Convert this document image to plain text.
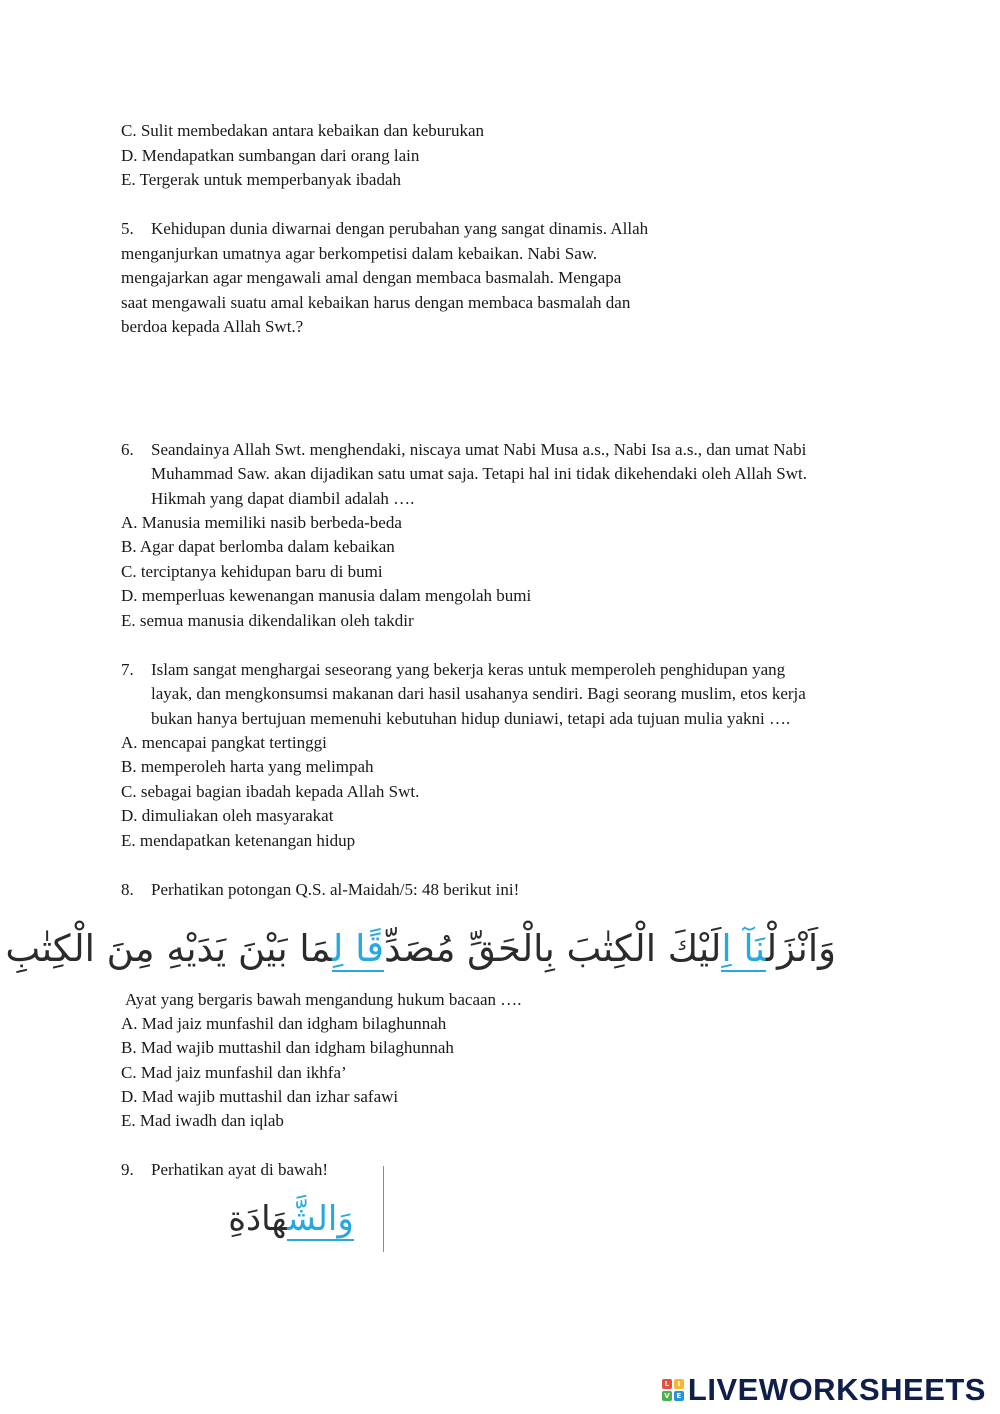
C. Sulit membedakan antara kebaikan dan keburukan
D. Mendapatkan sumbangan dari orang lain
E. Tergerak untuk memperbanyak ibadah
5. Kehidupan dunia diwarnai dengan perubahan yang sangat dinamis. Allah
menganjurkan umatnya agar berkompetisi dalam kebaikan. Nabi Saw.
mengajarkan agar mengawali amal dengan membaca basmalah. Mengapa
saat mengawali suatu amal kebaikan harus dengan membaca basmalah dan
berdoa kepada Allah Swt.?
6. Seandainya Allah Swt. menghendaki, niscaya umat Nabi Musa a.s., Nabi Isa a.s., dan umat Nabi
Muhammad Saw. akan dijadikan satu umat saja. Tetapi hal ini tidak dikehendaki oleh Allah Swt.
Hikmah yang dapat diambil adalah ….
A. Manusia memiliki nasib berbeda-beda
B. Agar dapat berlomba dalam kebaikan
C. terciptanya kehidupan baru di bumi
D. memperluas kewenangan manusia dalam mengolah bumi
E. semua manusia dikendalikan oleh takdir
7. Islam sangat menghargai seseorang yang bekerja keras untuk memperoleh penghidupan yang
layak, dan mengkonsumsi makanan dari hasil usahanya sendiri. Bagi seorang muslim, etos kerja
bukan hanya bertujuan memenuhi kebutuhan hidup duniawi, tetapi ada tujuan mulia yakni ….
A. mencapai pangkat tertinggi
B. memperoleh harta yang melimpah
C. sebagai bagian ibadah kepada Allah Swt.
D. dimuliakan oleh masyarakat
E. mendapatkan ketenangan hidup
8. Perhatikan potongan Q.S. al-Maidah/5: 48 berikut ini!
وَاَنْزَلْنَآ اِلَيْكَ الْكِتٰبَ بِالْحَقِّ مُصَدِّقًا لِمَا بَيْنَ يَدَيْهِ مِنَ الْكِتٰبِ
Ayat yang bergaris bawah mengandung hukum bacaan ….
A. Mad jaiz munfashil dan idgham bilaghunnah
B. Mad wajib muttashil dan idgham bilaghunnah
C. Mad jaiz munfashil dan ikhfa’
D. Mad wajib muttashil dan izhar safawi
E. Mad iwadh dan iqlab
9. Perhatikan ayat di bawah!
وَالشَّهَادَةِ
L	I
V E LIVEWORKSHEETS
